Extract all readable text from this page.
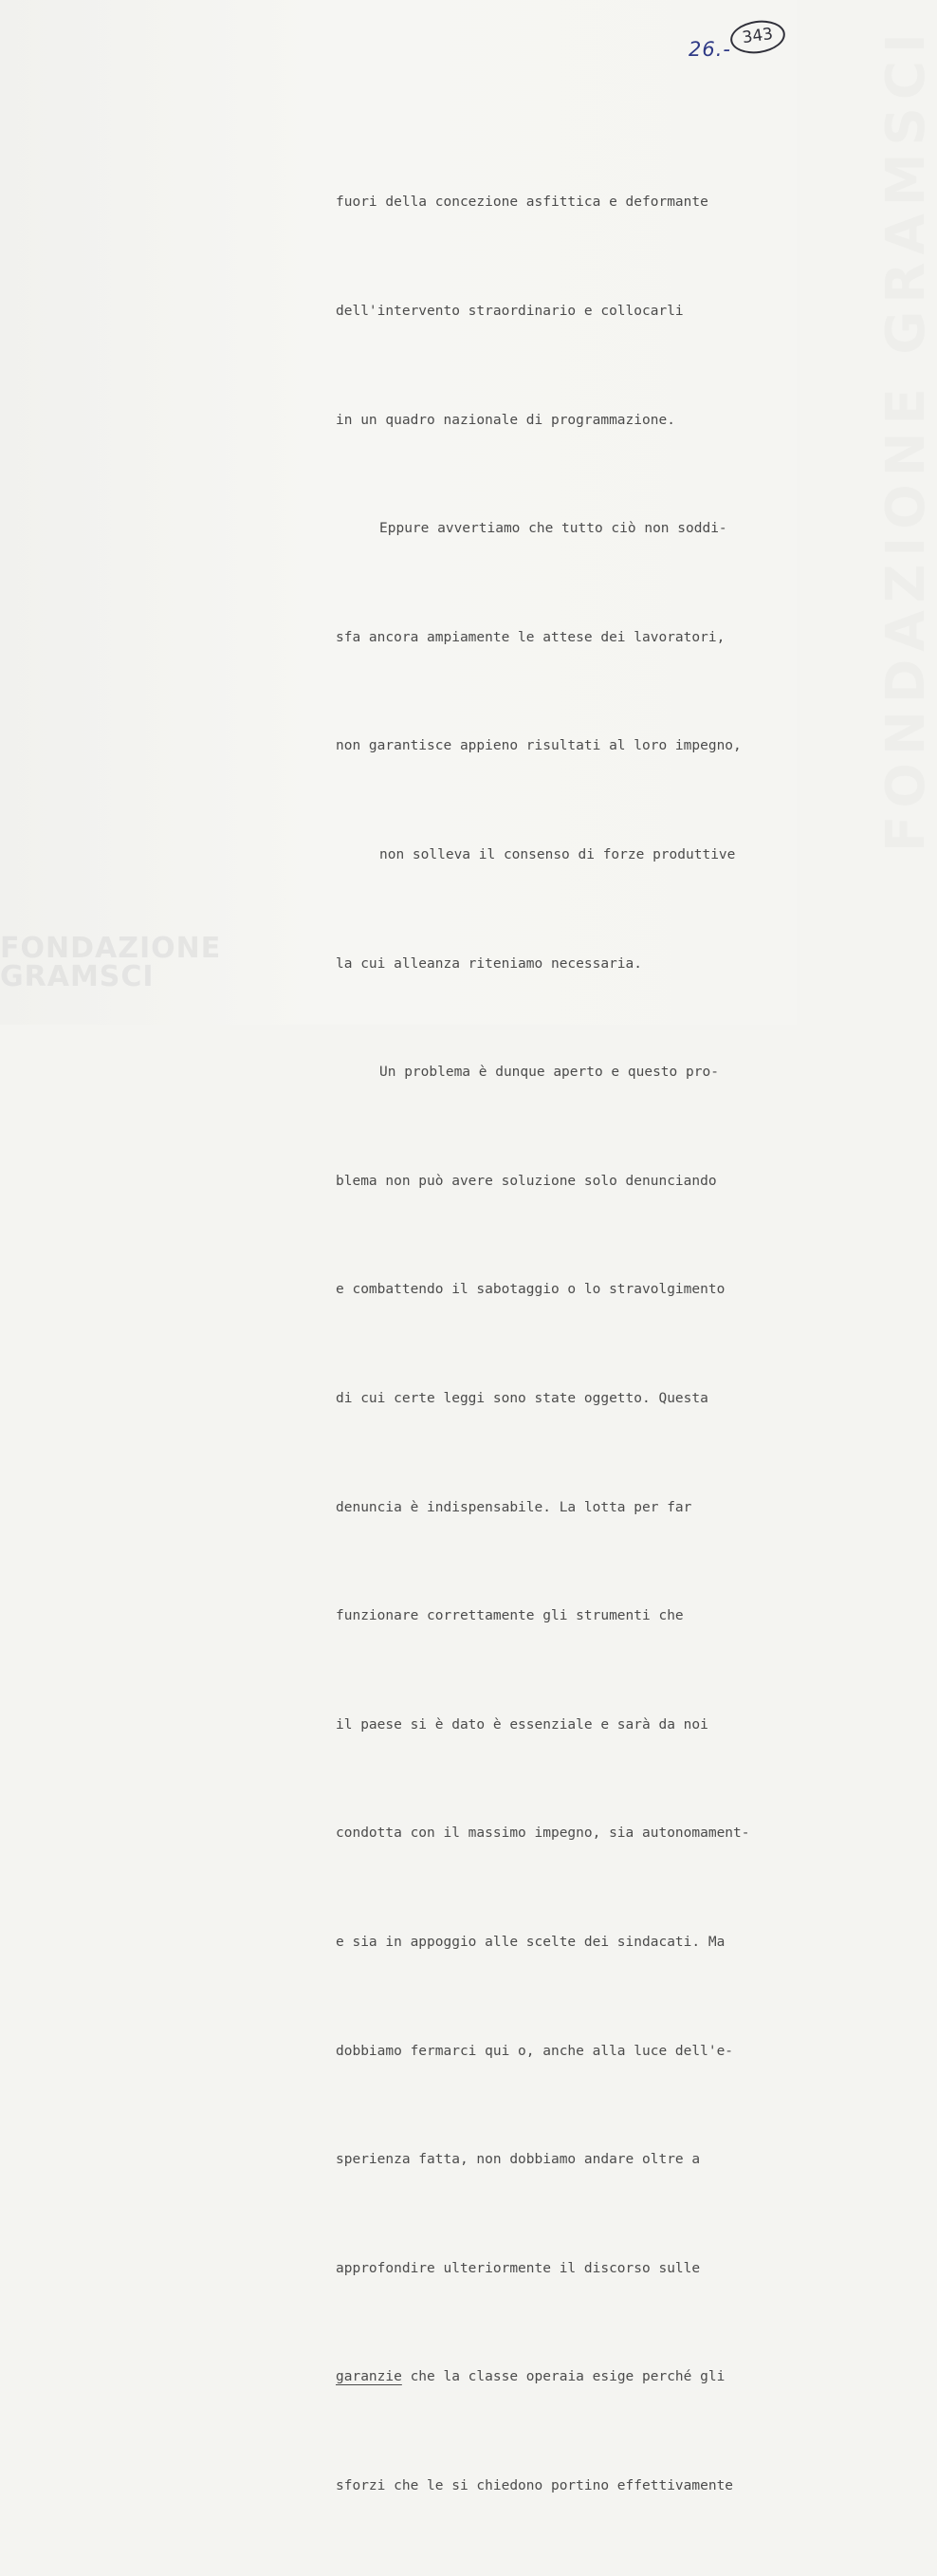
343
26.-	FONDAZIONE GRAMSCI

fuori della concezione asfittica e deformante

dell'intervento straordinario e collocarli

in un quadro nazionale di programmazione.

Eppure avvertiamo che tutto ciò non soddi-

sfa ancora ampiamente le attese dei lavoratori,

non garantisce appieno risultati al loro impegno,

non solleva il consenso di forze produttive

la cui alleanza riteniamo necessaria.

Un problema è dunque aperto e questo pro-

blema non può avere soluzione solo denunciando

e combattendo il sabotaggio o lo stravolgimento

di cui certe leggi sono state oggetto. Questa

denuncia è indispensabile. La lotta per far

funzionare correttamente gli strumenti che

il paese si è dato è essenziale e sarà da noi

condotta con il massimo impegno, sia autonomament-

e sia in appoggio alle scelte dei sindacati. Ma

dobbiamo fermarci qui o, anche alla luce dell'e-

sperienza fatta, non dobbiamo andare oltre a

approfondire ulteriormente il discorso sulle

garanzie che la classe operaia esige perché gli

sforzi che le si chiedono portino effettivamente

FONDAZIONE GRAMSCI
